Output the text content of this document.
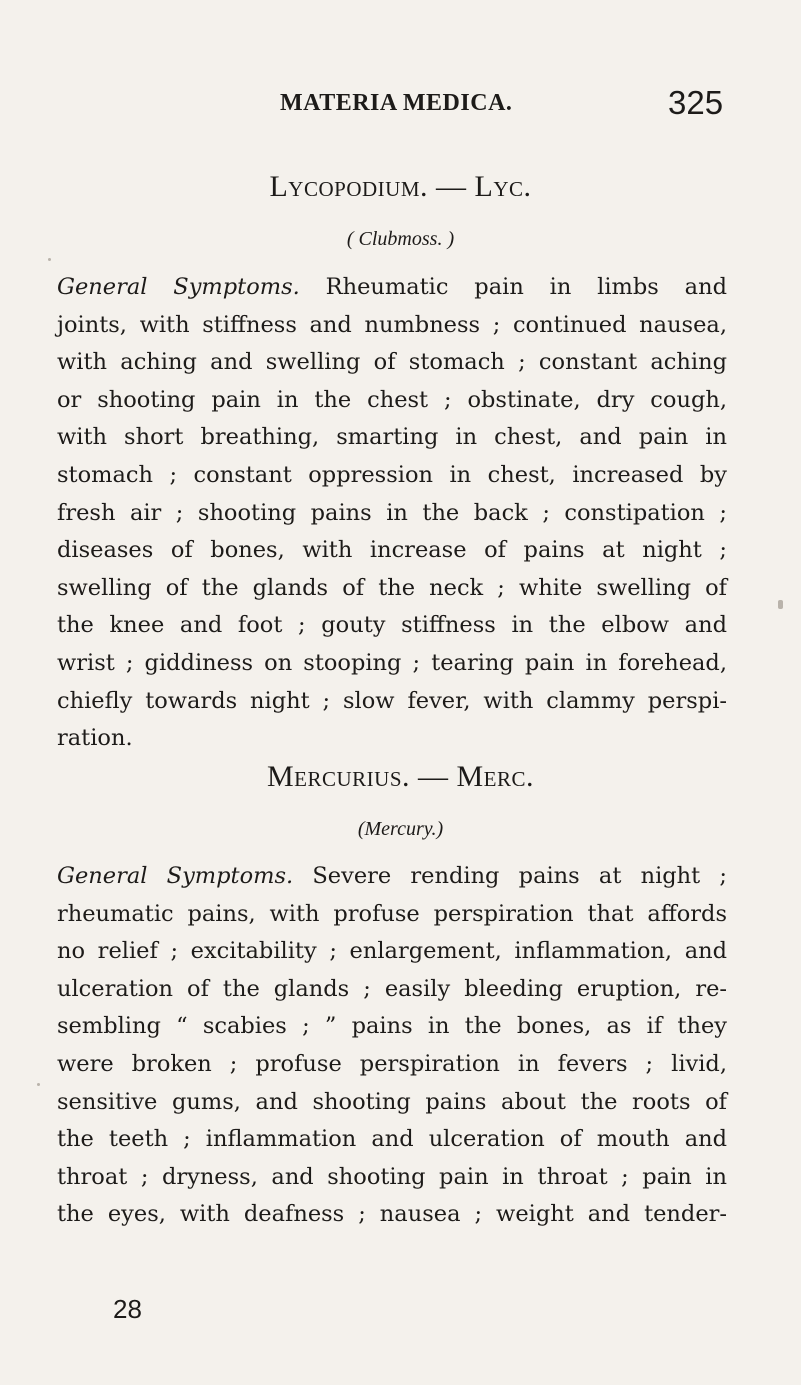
MATERIA MEDICA.	325
Lycopodium. — Lyc.
( Clubmoss. )
General Symptoms. Rheumatic pain in limbs and
joints, with stiffness and numbness ; continued nausea,
with aching and swelling of stomach ; constant aching
or shooting pain in the chest ; obstinate, dry cough,
with short breathing, smarting in chest, and pain in
stomach ; constant oppression in chest, increased by
fresh air ; shooting pains in the back ; constipation ;
diseases of bones, with increase of pains at night ;
swelling of the glands of the neck ; white swelling of
the knee and foot ; gouty stiffness in the elbow and
wrist ; giddiness on stooping ; tearing pain in forehead,
chiefly towards night ; slow fever, with clammy perspi-
ration.
Mercurius. — Merc.
(Mercury.)
General Symptoms. Severe rending pains at night ;
rheumatic pains, with profuse perspiration that affords
no relief ; excitability ; enlargement, inflammation, and
ulceration of the glands ; easily bleeding eruption, re-
sembling “ scabies ; ” pains in the bones, as if they
were broken ; profuse perspiration in fevers ; livid,
sensitive gums, and shooting pains about the roots of
the teeth ; inflammation and ulceration of mouth and
throat ; dryness, and shooting pain in throat ; pain in
the eyes, with deafness ; nausea ; weight and tender-
28
